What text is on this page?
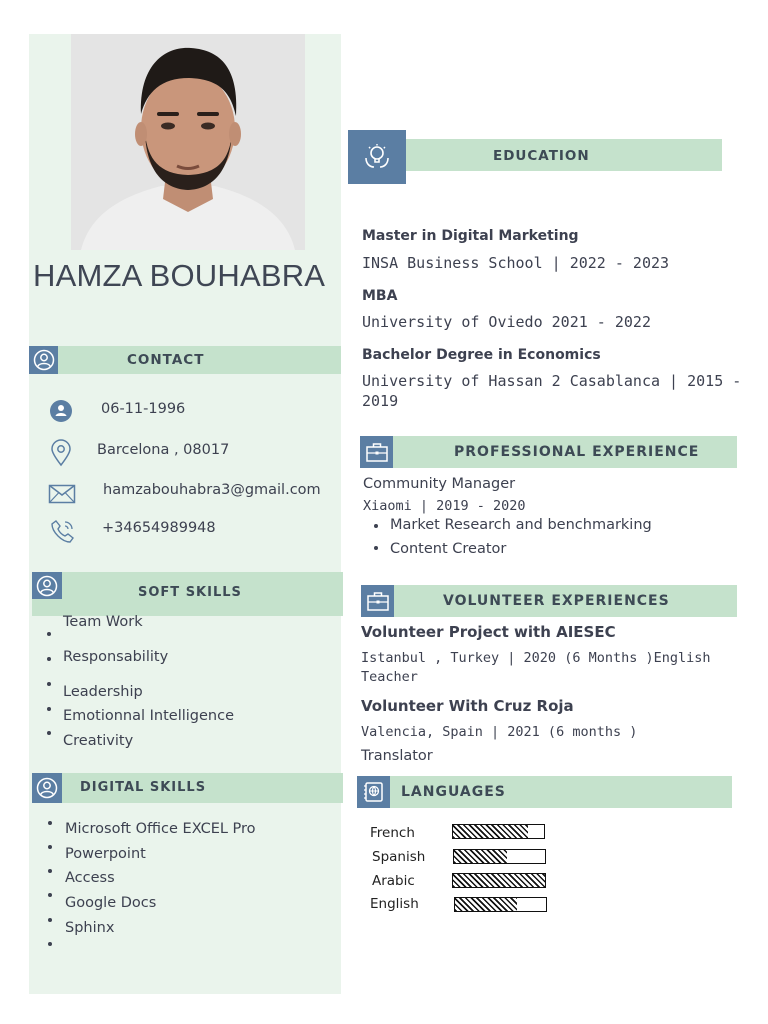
HAMZA BOUHABRA
CONTACT
06-11-1996
Barcelona , 08017
hamzabouhabra3@gmail.com
+34654989948
SOFT SKILLS
Team Work
Responsability
Leadership
Emotionnal Intelligence
Creativity
DIGITAL SKILLS
Microsoft Office EXCEL Pro
Powerpoint
Access
Google Docs
Sphinx
EDUCATION
Master in Digital Marketing
INSA Business School | 2022 - 2023
MBA
University of Oviedo 2021 - 2022
Bachelor Degree in Economics
University of Hassan 2 Casablanca | 2015 -
2019
PROFESSIONAL EXPERIENCE
Community Manager
Xiaomi | 2019 - 2020
Market Research and benchmarking
Content Creator
VOLUNTEER EXPERIENCES
Volunteer Project with AIESEC
Istanbul , Turkey | 2020 (6 Months )English
Teacher
Volunteer With Cruz Roja
Valencia, Spain | 2021 (6 months )
Translator
LANGUAGES
French
Spanish
Arabic
English
